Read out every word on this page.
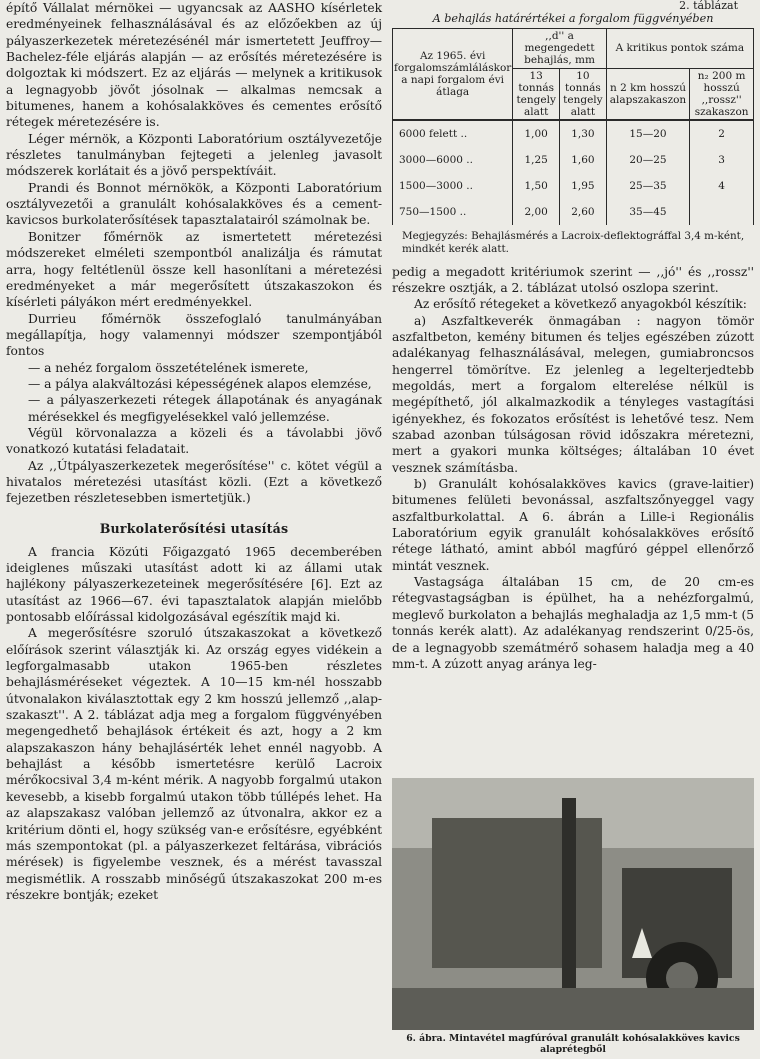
építő Vállalat mérnökei — ugyancsak az AASHO kísérletek eredményeinek felhasználásával és az előzőekben az új pályaszerkezetek méretezésénél már ismertetett Jeuffroy—Bachelez-féle eljárás alapján — az erősítés méretezésére is dolgoztak ki módszert. Ez az eljárás — melynek a kritikusok a legnagyobb jövőt jósolnak — alkalmas nemcsak a bitumenes, hanem a kohósalakköves és cementes erősítő rétegek méretezésére is.

Léger mérnök, a Központi Laboratórium osztályvezetője részletes tanulmányban fejtegeti a jelenleg javasolt módszerek korlátait és a jövő perspektíváit.

Prandi és Bonnot mérnökök, a Központi Laboratórium osztályvezetői a granulált kohósalakköves és a cement-kavicsos burkolaterősítések tapasztalatairól számolnak be.

Bonitzer főmérnök az ismertetett méretezési módszereket elméleti szempontból analizálja és rámutat arra, hogy feltétlenül össze kell hasonlítani a méretezési eredményeket a már megerősített útszakaszokon és kísérleti pályákon mért eredményekkel.

Durrieu főmérnök összefoglaló tanulmányában megállapítja, hogy valamennyi módszer szempontjából fontos

— a nehéz forgalom összetételének ismerete,

— a pálya alakváltozási képességének alapos elemzése,

— a pályaszerkezeti rétegek állapotának és anyagának mérésekkel és megfigyelésekkel való jellemzése.

Végül körvonalazza a közeli és a távolabbi jövő vonatkozó kutatási feladatait.

Az ,,Útpályaszerkezetek megerősítése'' c. kötet végül a hivatalos méretezési utasítást közli. (Ezt a következő fejezetben részletesebben ismertetjük.)

Burkolaterősítési utasítás

A francia Közúti Főigazgató 1965 decemberében ideiglenes műszaki utasítást adott ki az állami utak hajlékony pályaszerkezeteinek megerősítésére [6]. Ezt az utasítást az 1966—67. évi tapasztalatok alapján mielőbb pontosabb előírással kidolgozásával egészítik majd ki.

A megerősítésre szoruló útszakaszokat a következő előírások szerint választják ki. Az ország egyes vidékein a legforgalmasabb utakon 1965-ben részletes behajlásméréseket végeztek. A 10—15 km-nél hosszabb útvonalakon kiválasztottak egy 2 km hosszú jellemző ,,alap-szakaszt''. A 2. táblázat adja meg a forgalom függvényében megengedhető behajlások értékeit és azt, hogy a 2 km alapszakaszon hány behajlásérték lehet ennél nagyobb. A behajlást a később ismertetésre kerülő Lacroix mérőkocsival 3,4 m-ként mérik. A nagyobb forgalmú utakon kevesebb, a kisebb forgalmú utakon több túllépés lehet. Ha az alapszakasz valóban jellemző az útvonalra, akkor ez a kritérium dönti el, hogy szükség van-e erősítésre, egyébként más szempontokat (pl. a pályaszerkezet feltárása, vibrációs mérések) is figyelembe vesznek, és a mérést tavasszal megismétlik. A rosszabb minőségű útszakaszokat 200 m-es részekre bontják; ezeket

2. táblázat
A behajlás határértékei a forgalom függvényében
Az 1965. évi forgalomszámláláskor a napi forgalom évi átlaga	,,d'' a megengedett behajlás, mm		A kritikus pontok száma	
	13 tonnás tengely alatt	10 tonnás tengely alatt	n 2 km hosszú alapszakaszon	n₂ 200 m hosszú ,,rossz'' szakaszon
6000 felett ..	1,00	1,30	15—20	2
3000—6000 ..	1,25	1,60	20—25	3
1500—3000 ..	1,50	1,95	25—35	4
750—1500 ..	2,00	2,60	35—45	
Megjegyzés: Behajlásmérés a Lacroix-deflektográffal 3,4 m-ként, mindkét kerék alatt.

pedig a megadott kritériumok szerint — ,,jó'' és ,,rossz'' részekre osztják, a 2. táblázat utolsó oszlopa szerint.

Az erősítő rétegeket a következő anyagokból készítik:

a) Aszfaltkeverék önmagában : nagyon tömör aszfaltbeton, kemény bitumen és teljes egészében zúzott adalékanyag felhasználásával, melegen, gumiabroncsos hengerrel tömörítve. Ez jelenleg a legelterjedtebb megoldás, mert a forgalom elterelése nélkül is megépíthető, jól alkalmazkodik a tényleges vastagítási igényekhez, és fokozatos erősítést is lehetővé tesz. Nem szabad azonban túlságosan rövid időszakra méretezni, mert a gyakori munka költséges; általában 10 évet vesznek számításba.

b) Granulált kohósalakköves kavics (grave-laitier) bitumenes felületi bevonással, aszfaltszőnyeggel vagy aszfaltburkolattal. A 6. ábrán a Lille-i Regionális Laboratórium egyik granulált kohósalakköves erősítő rétege látható, amint abból magfúró géppel ellenőrző mintát vesznek.

Vastagsága általában 15 cm, de 20 cm-es rétegvastagságban is épülhet, ha a nehézforgalmú, meglevő burkolaton a behajlás meghaladja az 1,5 mm-t (5 tonnás kerék alatt). Az adalékanyag rendszerint 0/25-ös, de a legnagyobb szemátmérő sohasem haladja meg a 40 mm-t. A zúzott anyag aránya leg-

6. ábra. Mintavétel magfúróval granulált kohósalakköves kavics alaprétegből
